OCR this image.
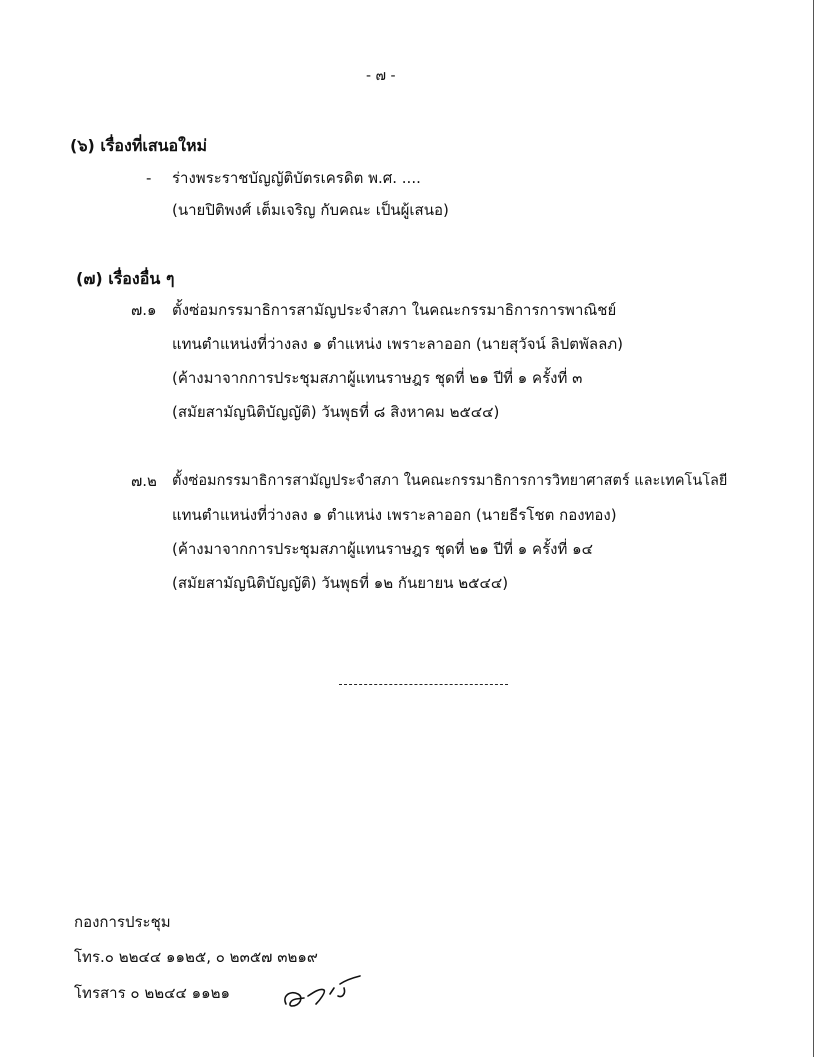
- ๗ -
(๖) เรื่องที่เสนอใหม่
- ร่างพระราชบัญญัติบัตรเครดิต พ.ศ. ....
(นายปิติพงศ์ เต็มเจริญ กับคณะ เป็นผู้เสนอ)
(๗) เรื่องอื่น ๆ
๗.๑ ตั้งซ่อมกรรมาธิการสามัญประจำสภา ในคณะกรรมาธิการการพาณิชย์
แทนตำแหน่งที่ว่างลง ๑ ตำแหน่ง เพราะลาออก (นายสุวัจน์ ลิปตพัลลภ)
(ค้างมาจากการประชุมสภาผู้แทนราษฎร ชุดที่ ๒๑ ปีที่ ๑ ครั้งที่ ๓
(สมัยสามัญนิติบัญญัติ) วันพุธที่ ๘ สิงหาคม ๒๕๔๔)
๗.๒ ตั้งซ่อมกรรมาธิการสามัญประจำสภา ในคณะกรรมาธิการการวิทยาศาสตร์ และเทคโนโลยี
แทนตำแหน่งที่ว่างลง ๑ ตำแหน่ง เพราะลาออก (นายธีรโชต กองทอง)
(ค้างมาจากการประชุมสภาผู้แทนราษฎร ชุดที่ ๒๑ ปีที่ ๑ ครั้งที่ ๑๔
(สมัยสามัญนิติบัญญัติ) วันพุธที่ ๑๒ กันยายน ๒๕๔๔)
กองการประชุม
โทร.๐ ๒๒๔๔ ๑๑๒๕, ๐ ๒๓๕๗ ๓๒๑๙
โทรสาร ๐ ๒๒๔๔ ๑๑๒๑
